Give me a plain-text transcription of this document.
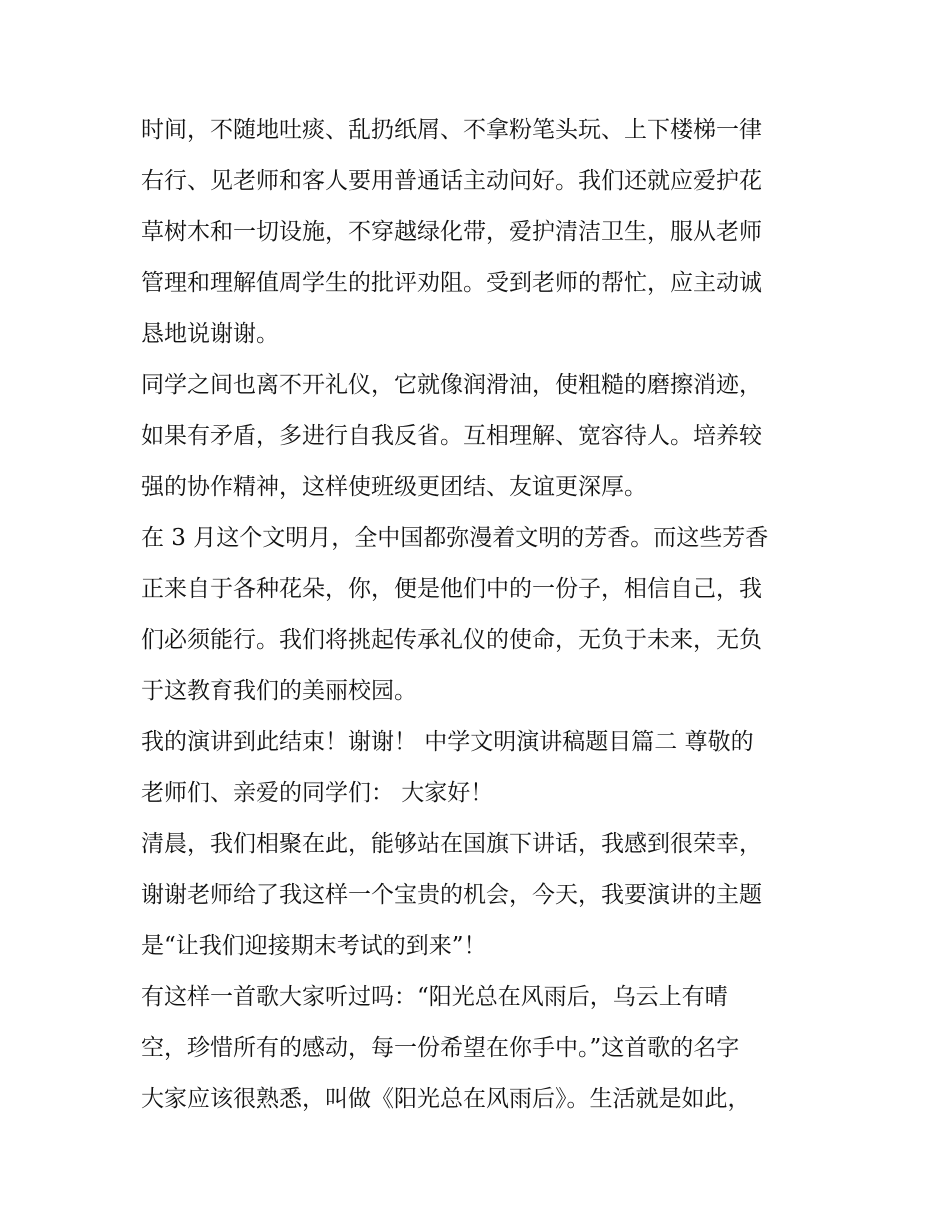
时间，不随地吐痰、乱扔纸屑、不拿粉笔头玩、上下楼梯一律
右行、见老师和客人要用普通话主动问好。我们还就应爱护花
草树木和一切设施，不穿越绿化带，爱护清洁卫生，服从老师
管理和理解值周学生的批评劝阻。受到老师的帮忙，应主动诚
恳地说谢谢。
同学之间也离不开礼仪，它就像润滑油，使粗糙的磨擦消迹，
如果有矛盾，多进行自我反省。互相理解、宽容待人。培养较
强的协作精神，这样使班级更团结、友谊更深厚。
在 3 月这个文明月，全中国都弥漫着文明的芳香。而这些芳香
正来自于各种花朵，你，便是他们中的一份子，相信自己，我
们必须能行。我们将挑起传承礼仪的使命，无负于未来，无负
于这教育我们的美丽校园。
我的演讲到此结束！谢谢！ 中学文明演讲稿题目篇二 尊敬的
老师们、亲爱的同学们： 大家好！
清晨，我们相聚在此，能够站在国旗下讲话，我感到很荣幸，
谢谢老师给了我这样一个宝贵的机会，今天，我要演讲的主题
是“让我们迎接期末考试的到来”！
有这样一首歌大家听过吗：“阳光总在风雨后，乌云上有晴
空，珍惜所有的感动，每一份希望在你手中。”这首歌的名字
大家应该很熟悉，叫做《阳光总在风雨后》。生活就是如此，
